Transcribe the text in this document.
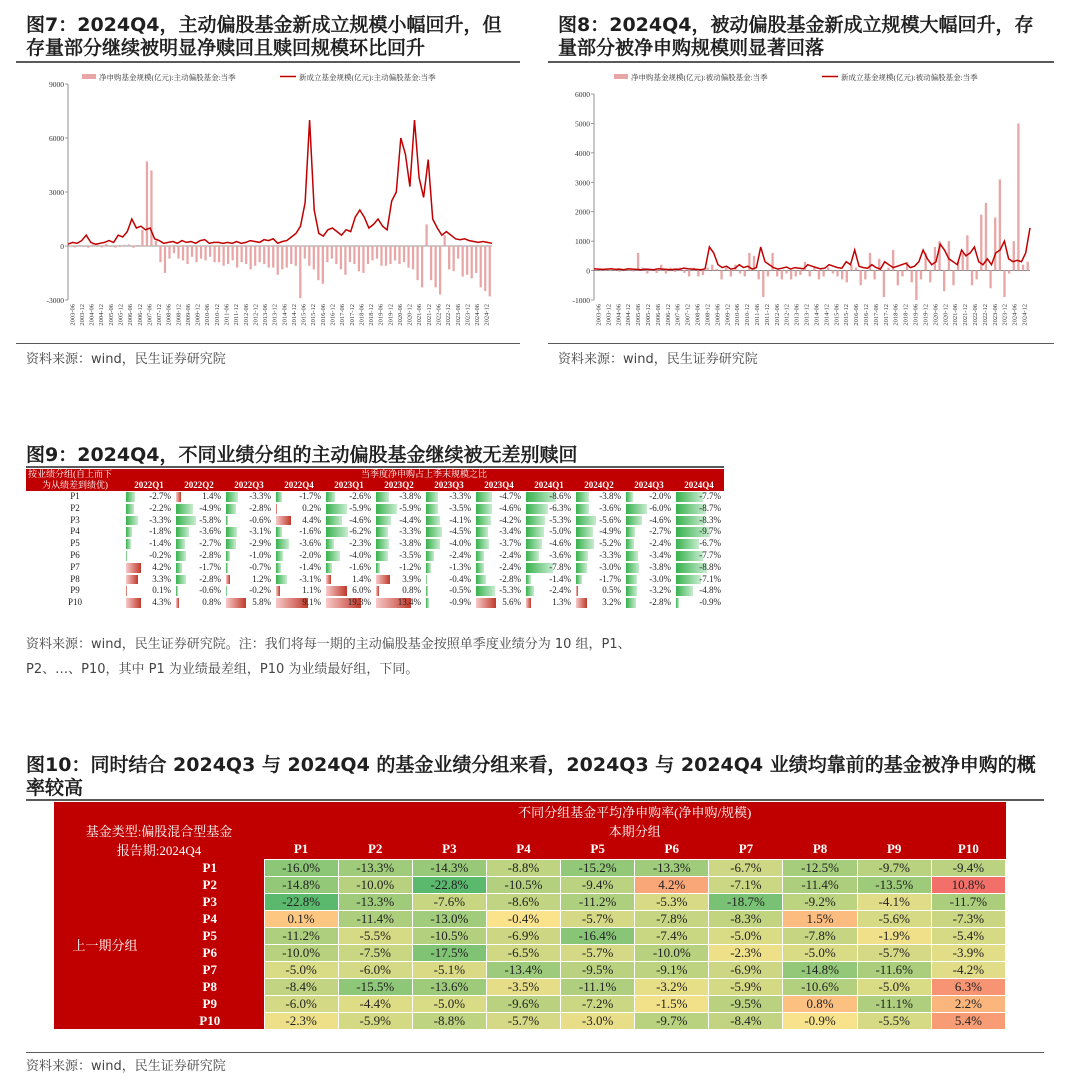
图7：2024Q4，主动偏股基金新成立规模小幅回升，但
存量部分继续被明显净赎回且赎回规模环比回升
净申购基金规模(亿元):主动偏股基金:当季	新成立基金规模(亿元):主动偏股基金:当季
-3000
0
3000
6000
9000
2003-06 2003-12 2004-06 2004-12 2005-06 2005-12 2006-06 2006-12 2007-06 2007-12 2008-06 2008-12 2009-06 2009-12 2010-06 2010-12 2011-06 2011-12 2012-06 2012-12 2013-06 2013-12 2014-06 2014-12 2015-06 2015-12 2016-06 2016-12 2017-06 2017-12 2018-06 2018-12 2019-06 2019-12 2020-06 2020-12 2021-06 2021-12 2022-06 2022-12 2023-06 2023-12 2024-06 2024-12
资料来源：wind，民生证券研究院
图8：2024Q4，被动偏股基金新成立规模大幅回升，存
量部分被净申购规模则显著回落
净申购基金规模(亿元):被动偏股基金:当季	新成立基金规模(亿元):被动偏股基金:当季
-1000
0
1000
2000
3000
4000
5000
6000
2003-06 2003-12 2004-06 2004-12 2005-06 2005-12 2006-06 2006-12 2007-06 2007-12 2008-06 2008-12 2009-06 2009-12 2010-06 2010-12 2011-06 2011-12 2012-06 2012-12 2013-06 2013-12 2014-06 2014-12 2015-06 2015-12 2016-06 2016-12 2017-06 2017-12 2018-06 2018-12 2019-06 2019-12 2020-06 2020-12 2021-06 2021-12 2022-06 2022-12 2023-06 2023-12 2024-06 2024-12
资料来源：wind，民生证券研究院
图9：2024Q4，不同业绩分组的主动偏股基金继续被无差别赎回
按业绩分组(自上而下	当季度净申购占上季末规模之比											
为从绩差到绩优)	2022Q1	2022Q2	2022Q3	2022Q4	2023Q1	2023Q2	2023Q3	2023Q4	2024Q1	2024Q2	2024Q3	2024Q4
P1	-2.7%	1.4%	-3.3%	-1.7%	-2.6%	-3.8%	-3.3%	-4.7%	-8.6%	-3.8%	-2.0%	-7.7%
P2	-2.2%	-4.9%	-2.8%	0.2%	-5.9%	-5.9%	-3.5%	-4.6%	-6.3%	-3.6%	-6.0%	-8.7%
P3	-3.3%	-5.8%	-0.6%	4.4%	-4.6%	-4.4%	-4.1%	-4.2%	-5.3%	-5.6%	-4.6%	-8.3%
P4	-1.8%	-3.6%	-3.1%	-1.6%	-6.2%	-3.3%	-4.5%	-3.4%	-5.0%	-4.9%	-2.7%	-9.7%
P5	-1.4%	-2.7%	-2.9%	-3.6%	-2.3%	-3.8%	-4.0%	-3.7%	-4.6%	-5.2%	-2.4%	-6.7%
P6	-0.2%	-2.8%	-1.0%	-2.0%	-4.0%	-3.5%	-2.4%	-2.4%	-3.6%	-3.3%	-3.4%	-7.7%
P7	4.2%	-1.7%	-0.7%	-1.4%	-1.6%	-1.2%	-1.3%	-2.4%	-7.8%	-3.0%	-3.8%	-8.8%
P8	3.3%	-2.8%	1.2%	-3.1%	1.4%	3.9%	-0.4%	-2.8%	-1.4%	-1.7%	-3.0%	-7.1%
P9	0.1%	-0.6%	-0.2%	1.1%	6.0%	0.8%	-0.5%	-5.3%	-2.4%	0.5%	-3.2%	-4.8%
P10	4.3%	0.8%	5.8%	9.1%	19.3%	13.4%	-0.9%	5.6%	1.3%	3.2%	-2.8%	-0.9%
资料来源：wind，民生证券研究院。注：我们将每一期的主动偏股基金按照单季度业绩分为 10 组，P1、
P2、…、P10，其中 P1 为业绩最差组，P10 为业绩最好组，下同。
图10：同时结合 2024Q3 与 2024Q4 的基金业绩分组来看，2024Q3 与 2024Q4 业绩均靠前的基金被净申购的概
率较高
		不同分组基金平均净申购率(净申购/规模)									
基金类型:偏股混合型基金		本期分组									
报告期:2024Q4		P1	P2	P3	P4	P5	P6	P7	P8	P9	P10
上一期分组	P1	-16.0%	-13.3%	-14.3%	-8.8%	-15.2%	-13.3%	-6.7%	-12.5%	-9.7%	-9.4%
	P2	-14.8%	-10.0%	-22.8%	-10.5%	-9.4%	4.2%	-7.1%	-11.4%	-13.5%	10.8%
	P3	-22.8%	-13.3%	-7.6%	-8.6%	-11.2%	-5.3%	-18.7%	-9.2%	-4.1%	-11.7%
	P4	0.1%	-11.4%	-13.0%	-0.4%	-5.7%	-7.8%	-8.3%	1.5%	-5.6%	-7.3%
	P5	-11.2%	-5.5%	-10.5%	-6.9%	-16.4%	-7.4%	-5.0%	-7.8%	-1.9%	-5.4%
	P6	-10.0%	-7.5%	-17.5%	-6.5%	-5.7%	-10.0%	-2.3%	-5.0%	-5.7%	-3.9%
	P7	-5.0%	-6.0%	-5.1%	-13.4%	-9.5%	-9.1%	-6.9%	-14.8%	-11.6%	-4.2%
	P8	-8.4%	-15.5%	-13.6%	-3.5%	-11.1%	-3.2%	-5.9%	-10.6%	-5.0%	6.3%
	P9	-6.0%	-4.4%	-5.0%	-9.6%	-7.2%	-1.5%	-9.5%	0.8%	-11.1%	2.2%
	P10	-2.3%	-5.9%	-8.8%	-5.7%	-3.0%	-9.7%	-8.4%	-0.9%	-5.5%	5.4%
资料来源：wind，民生证券研究院
